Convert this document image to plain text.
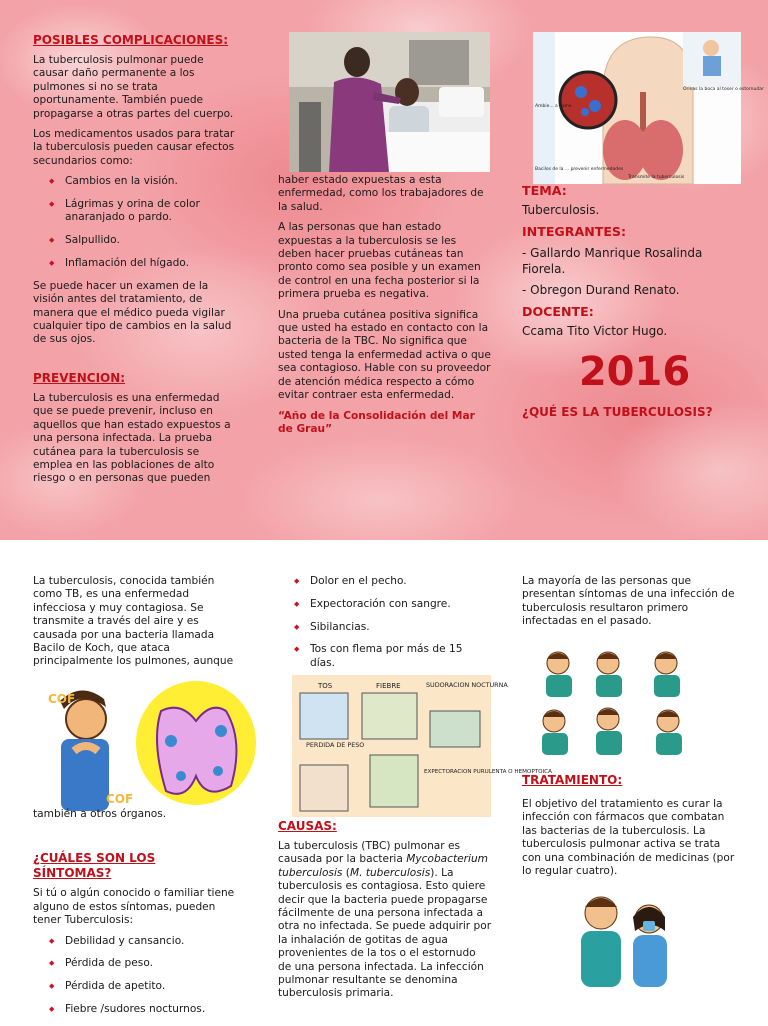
POSIBLES COMPLICACIONES:

La tuberculosis pulmonar puede causar daño permanente a los pulmones si no se trata oportunamente. También puede propagarse a otras partes del cuerpo.

Los medicamentos usados para tratar la tuberculosis pueden causar efectos secundarios como:

◆ Cambios en la visión.
◆ Lágrimas y orina de color anaranjado o pardo.
◆ Salpullido.
◆ Inflamación del hígado.

Se puede hacer un examen de la visión antes del tratamiento, de manera que el médico pueda vigilar cualquier tipo de cambios en la salud de sus ojos.

PREVENCION:

La tuberculosis es una enfermedad que se puede prevenir, incluso en aquellos que han estado expuestos a una persona infectada. La prueba cutánea para la tuberculosis se emplea en las poblaciones de alto riesgo o en personas que pueden

haber estado expuestas a esta enfermedad, como los trabajadores de la salud.

A las personas que han estado expuestas a la tuberculosis se les deben hacer pruebas cutáneas tan pronto como sea posible y un examen de control en una fecha posterior si la primera prueba es negativa.

Una prueba cutánea positiva significa que usted ha estado en contacto con la bacteria de la TBC. No significa que usted tenga la enfermedad activa o que sea contagioso. Hable con su proveedor de atención médica respecto a cómo evitar contraer esta enfermedad.

“Año de la Consolidación del Mar de Grau”

Orinas la boca al toser o estornudar
Ambie... a llame
Bacilos de la ... prevenir enfermedades
Transmite la tuberculosis

TEMA:

Tuberculosis.

INTEGRANTES:

- Gallardo Manrique Rosalinda Fiorela.

- Obregon Durand Renato.

DOCENTE:

Ccama Tito Victor Hugo.

2016

¿QUÉ ES LA TUBERCULOSIS?

La tuberculosis, conocida también como TB, es una enfermedad infecciosa y muy contagiosa. Se transmite a través del aire y es causada por una bacteria llamada Bacilo de Koch, que ataca principalmente los pulmones, aunque

COF
COF

también a otros órganos.

¿CUÁLES SON LOS SÍNTOMAS?

Si tú o algún conocido o familiar tiene alguno de estos síntomas, pueden tener Tuberculosis:

◆ Debilidad y cansancio.
◆ Pérdida de peso.
◆ Pérdida de apetito.
◆ Fiebre /sudores nocturnos.
◆ Dolor en el pecho.
◆ Expectoración con sangre.
◆ Sibilancias.
◆ Tos con flema por más de 15 días.
TOS	FIEBRE	SUDORACION NOCTURNA
PERDIDA DE PESO
EXPECTORACION PURULENTA O HEMOPTOICA
CAUSAS:

La tuberculosis (TBC) pulmonar es causada por la bacteria Mycobacterium tuberculosis (M. tuberculosis). La tuberculosis es contagiosa. Esto quiere decir que la bacteria puede propagarse fácilmente de una persona infectada a otra no infectada. Se puede adquirir por la inhalación de gotitas de agua provenientes de la tos o el estornudo de una persona infectada. La infección pulmonar resultante se denomina tuberculosis primaria.

La mayoría de las personas que presentan síntomas de una infección de tuberculosis resultaron primero infectadas en el pasado.

TRATAMIENTO:

El objetivo del tratamiento es curar la infección con fármacos que combatan las bacterias de la tuberculosis. La tuberculosis pulmonar activa se trata con una combinación de medicinas (por lo regular cuatro).
